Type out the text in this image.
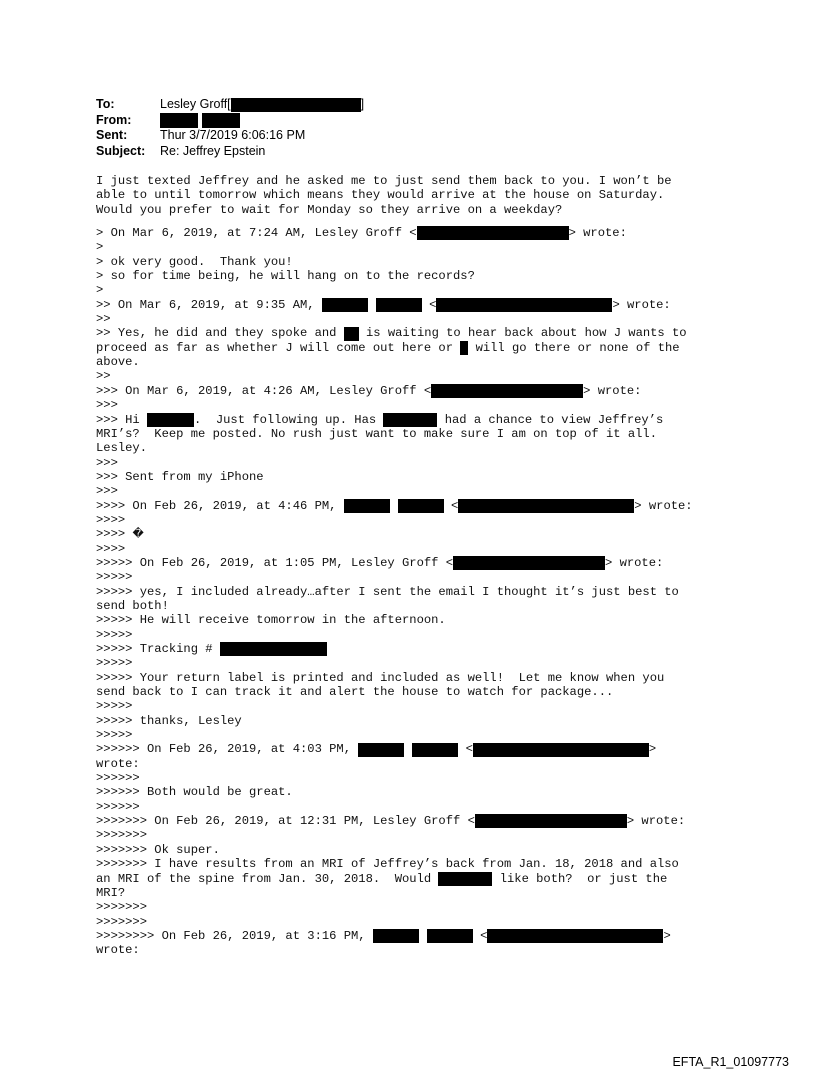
To:	Lesley Groff[	]
From:
Sent:	Thur 3/7/2019 6:06:16 PM
Subject:	Re: Jeffrey Epstein
I just texted Jeffrey and he asked me to just send them back to you. I won’t be
able to until tomorrow which means they would arrive at the house on Saturday.
Would you prefer to wait for Monday so they arrive on a weekday?
> On Mar 6, 2019, at 7:24 AM, Lesley Groff <	> wrote:
>
> ok very good.  Thank you!
> so for time being, he will hang on to the records?
>
>> On Mar 6, 2019, at 9:35 AM,	<	> wrote:
>>
>> Yes, he did and they spoke and is waiting to hear back about how J wants to
proceed as far as whether J will come out here or will go there or none of the
above.
>>
>>> On Mar 6, 2019, at 4:26 AM, Lesley Groff <	> wrote:
>>>
>>> Hi	.  Just following up. Has	had a chance to view Jeffrey’s
MRI’s?  Keep me posted. No rush just want to make sure I am on top of it all.
Lesley.
>>>
>>> Sent from my iPhone
>>>
>>>> On Feb 26, 2019, at 4:46 PM,	<	> wrote:
>>>>
>>>> �
>>>>
>>>>> On Feb 26, 2019, at 1:05 PM, Lesley Groff <	> wrote:
>>>>>
>>>>> yes, I included already…after I sent the email I thought it’s just best to
send both!
>>>>> He will receive tomorrow in the afternoon.
>>>>>
>>>>> Tracking #
>>>>>
>>>>> Your return label is printed and included as well!  Let me know when you
send back to I can track it and alert the house to watch for package...
>>>>>
>>>>> thanks, Lesley
>>>>>
>>>>>> On Feb 26, 2019, at 4:03 PM,	<	>
wrote:
>>>>>>
>>>>>> Both would be great.
>>>>>>
>>>>>>> On Feb 26, 2019, at 12:31 PM, Lesley Groff <	> wrote:
>>>>>>>
>>>>>>> Ok super.
>>>>>>> I have results from an MRI of Jeffrey’s back from Jan. 18, 2018 and also
an MRI of the spine from Jan. 30, 2018.  Would	like both?  or just the
MRI?
>>>>>>>
>>>>>>>
>>>>>>>> On Feb 26, 2019, at 3:16 PM,	<	>
wrote:
EFTA_R1_01097773
